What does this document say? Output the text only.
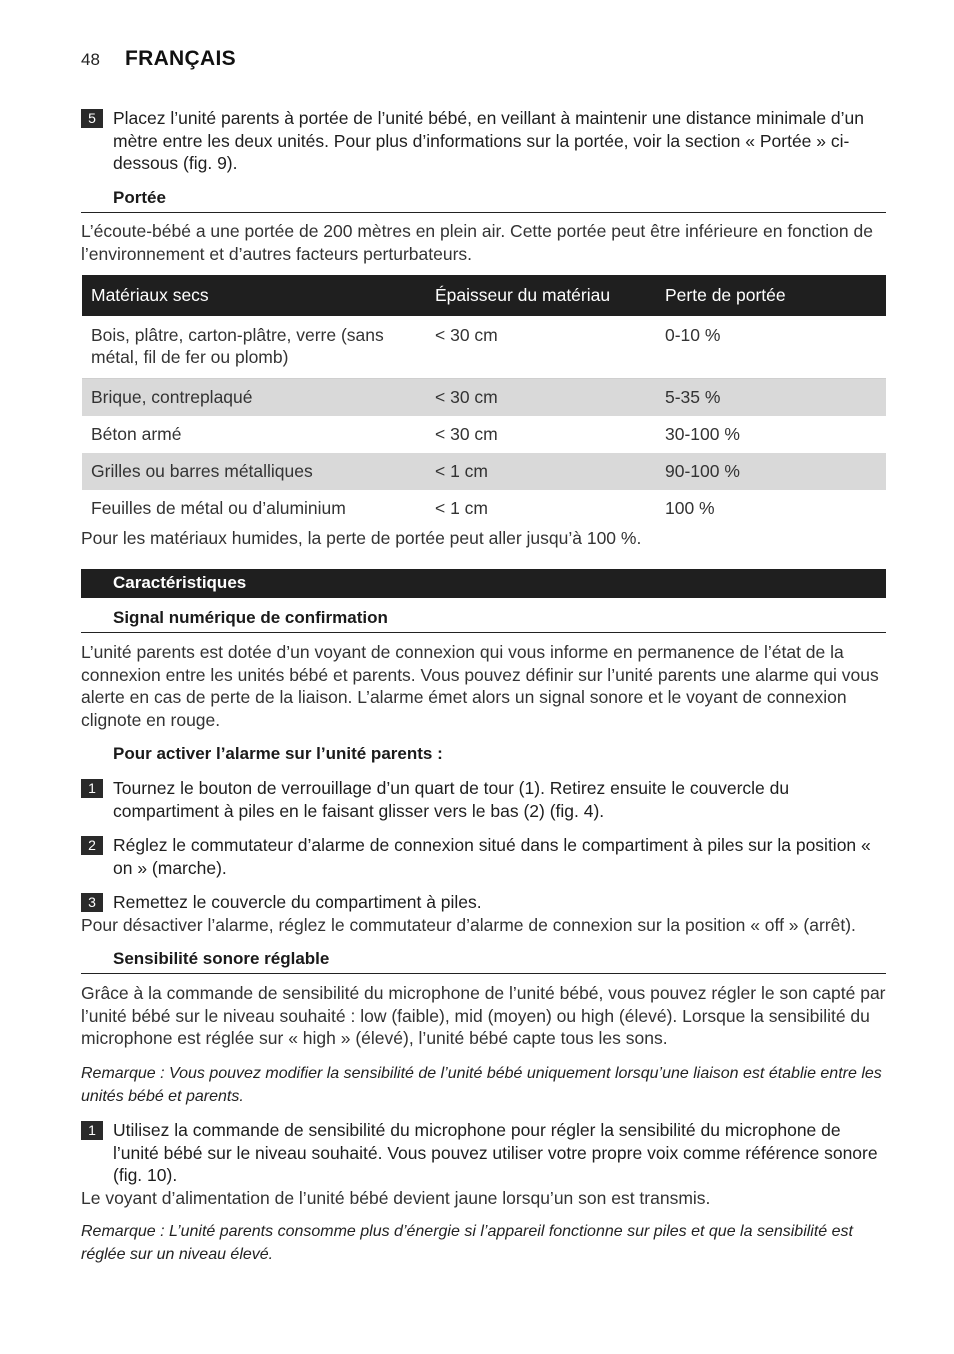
48 FRANÇAIS
5 Placez l’unité parents à portée de l’unité bébé, en veillant à maintenir une distance minimale d’un mètre entre les deux unités. Pour plus d’informations sur la portée, voir la section « Portée » ci-dessous (fig. 9).
Portée
L’écoute-bébé a une portée de 200 mètres en plein air. Cette portée peut être inférieure en fonction de l’environnement et d’autres facteurs perturbateurs.
Matériaux secs	Épaisseur du matériau	Perte de portée
Bois, plâtre, carton-plâtre, verre (sans métal, fil de fer ou plomb)	< 30 cm	0-10 %
Brique, contreplaqué	< 30 cm	5-35 %
Béton armé	< 30 cm	30-100 %
Grilles ou barres métalliques	< 1 cm	90-100 %
Feuilles de métal ou d’aluminium	< 1 cm	100 %
Pour les matériaux humides, la perte de portée peut aller jusqu’à 100 %.
Caractéristiques
Signal numérique de confirmation
L’unité parents est dotée d’un voyant de connexion qui vous informe en permanence de l’état de la connexion entre les unités bébé et parents. Vous pouvez définir sur l’unité parents une alarme qui vous alerte en cas de perte de la liaison. L’alarme émet alors un signal sonore et le voyant de connexion clignote en rouge.
Pour activer l’alarme sur l’unité parents :
1 Tournez le bouton de verrouillage d’un quart de tour (1). Retirez ensuite le couvercle du compartiment à piles en le faisant glisser vers le bas (2) (fig. 4).
2 Réglez le commutateur d’alarme de connexion situé dans le compartiment à piles sur la position « on » (marche).
3 Remettez le couvercle du compartiment à piles.
Pour désactiver l’alarme, réglez le commutateur d’alarme de connexion sur la position « off » (arrêt).
Sensibilité sonore réglable
Grâce à la commande de sensibilité du microphone de l’unité bébé, vous pouvez régler le son capté par l’unité bébé sur le niveau souhaité : low (faible), mid (moyen) ou high (élevé). Lorsque la sensibilité du microphone est réglée sur « high » (élevé), l’unité bébé capte tous les sons.
Remarque : Vous pouvez modifier la sensibilité de l’unité bébé uniquement lorsqu’une liaison est établie entre les unités bébé et parents.
1 Utilisez la commande de sensibilité du microphone pour régler la sensibilité du microphone de l’unité bébé sur le niveau souhaité. Vous pouvez utiliser votre propre voix comme référence sonore (fig. 10).
Le voyant d’alimentation de l’unité bébé devient jaune lorsqu’un son est transmis.
Remarque : L’unité parents consomme plus d’énergie si l’appareil fonctionne sur piles et que la sensibilité est réglée sur un niveau élevé.
